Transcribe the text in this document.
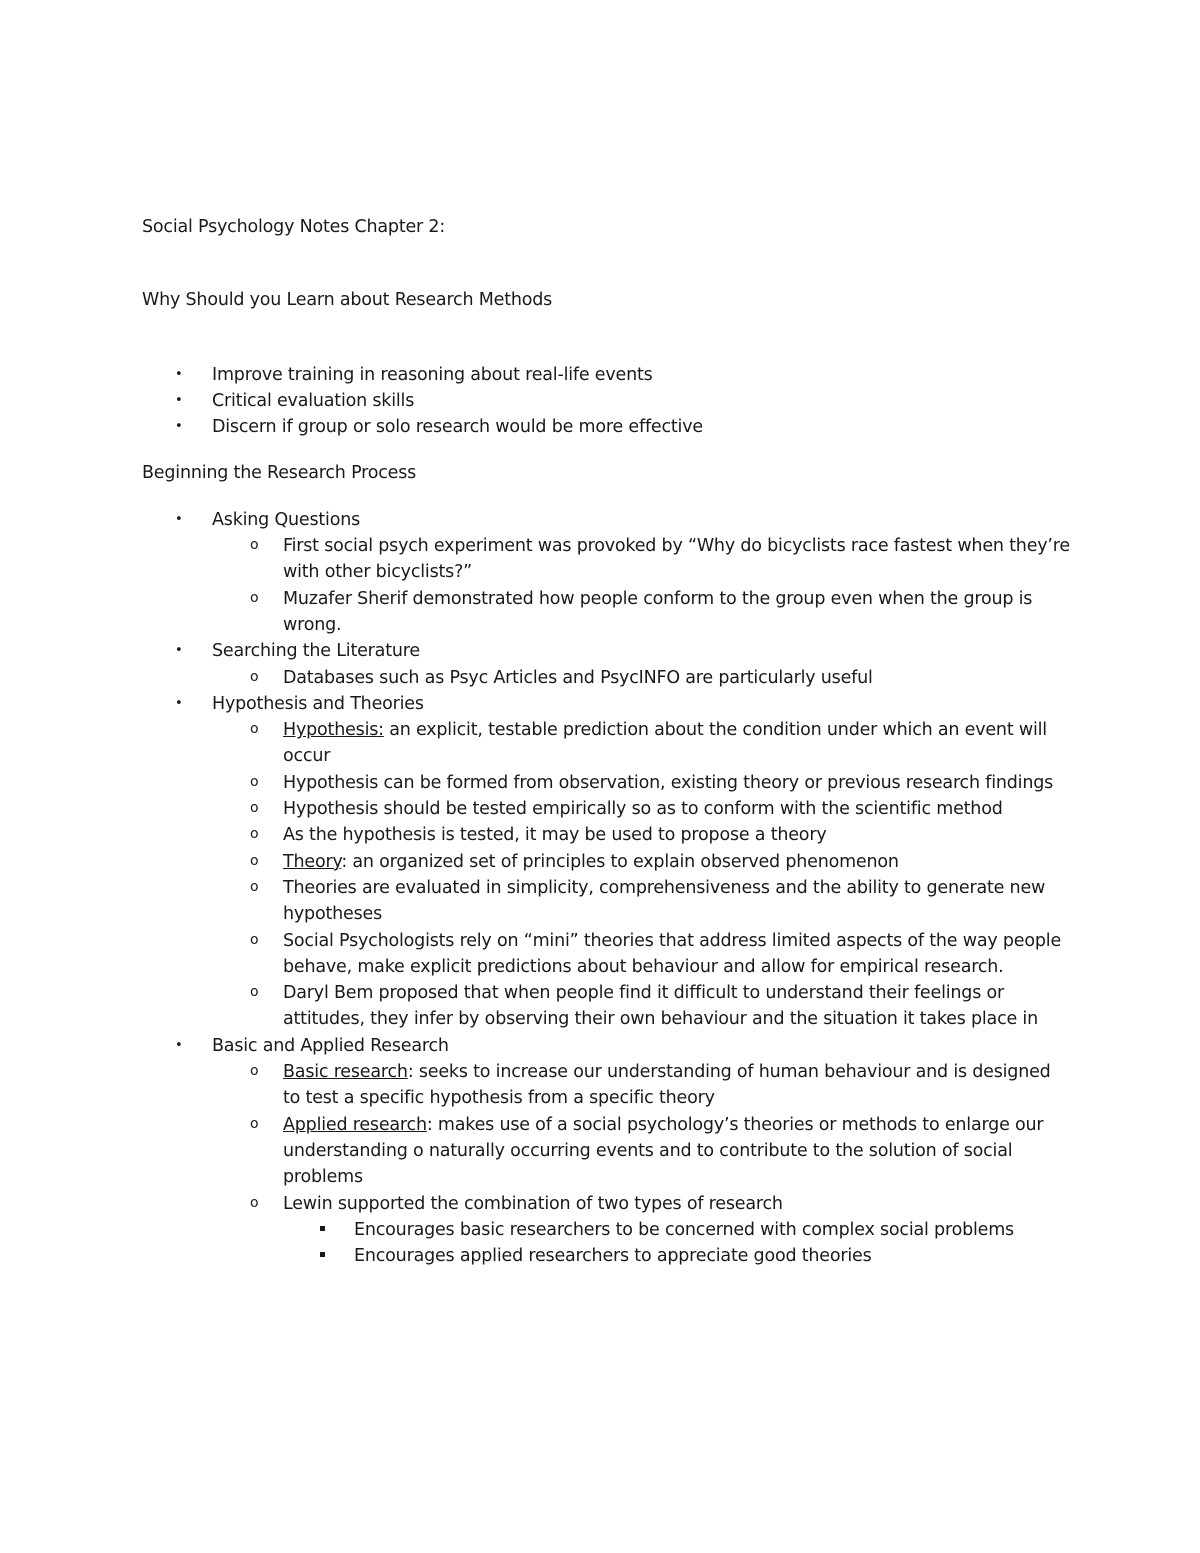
Social Psychology Notes Chapter 2:
Why Should you Learn about Research Methods
• Improve training in reasoning about real-life events
• Critical evaluation skills
• Discern if group or solo research would be more effective
Beginning the Research Process
• Asking Questions
o First social psych experiment was provoked by “Why do bicyclists race fastest when they’re with other bicyclists?”
o Muzafer Sherif demonstrated how people conform to the group even when the group is wrong.
• Searching the Literature
o Databases such as Psyc Articles and PsycINFO are particularly useful
• Hypothesis and Theories
o Hypothesis: an explicit, testable prediction about the condition under which an event will occur
o Hypothesis can be formed from observation, existing theory or previous research findings
o Hypothesis should be tested empirically so as to conform with the scientific method
o As the hypothesis is tested, it may be used to propose a theory
o Theory: an organized set of principles to explain observed phenomenon
o Theories are evaluated in simplicity, comprehensiveness and the ability to generate new hypotheses
o Social Psychologists rely on “mini” theories that address limited aspects of the way people behave, make explicit predictions about behaviour and allow for empirical research.
o Daryl Bem proposed that when people find it difficult to understand their feelings or attitudes, they infer by observing their own behaviour and the situation it takes place in
• Basic and Applied Research
o Basic research: seeks to increase our understanding of human behaviour and is designed to test a specific hypothesis from a specific theory
o Applied research: makes use of a social psychology’s theories or methods to enlarge our understanding o naturally occurring events and to contribute to the solution of social problems
o Lewin supported the combination of two types of research
Encourages basic researchers to be concerned with complex social problems
Encourages applied researchers to appreciate good theories
